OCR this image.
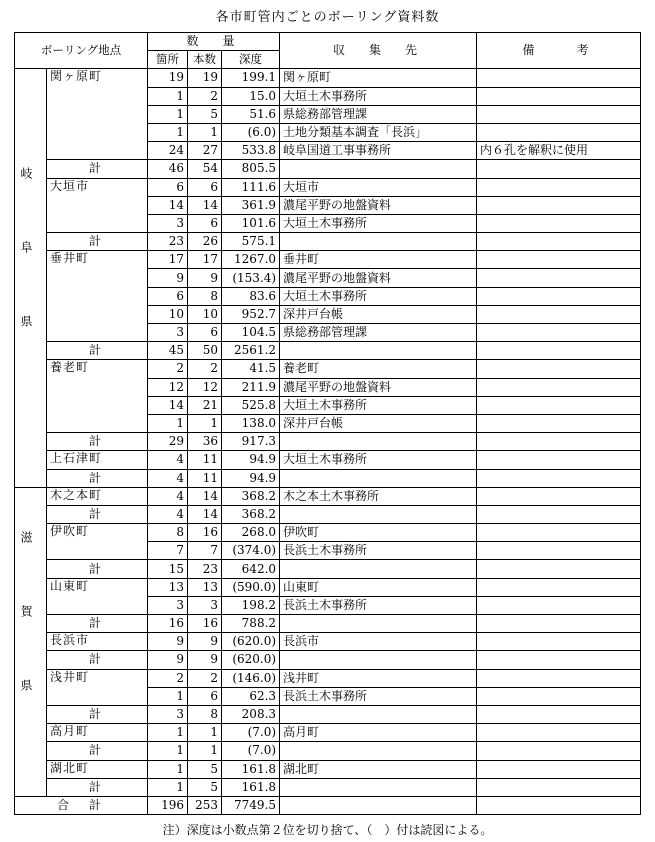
各市町管内ごとのボーリング資料数
ボーリング地点		数　量			収　集　先	備　　考
		箇所	本数	深度		

岐阜県	関ヶ原町	19	19	199.1	関ヶ原町	
		1	2	15.0	大垣土木事務所	
		1	5	51.6	県総務部管理課	
		1	1	(6.0)	土地分類基本調査「長浜」	
		24	27	533.8	岐阜国道工事事務所	内６孔を解釈に使用
	計	46	54	805.5		
	大垣市	6	6	111.6	大垣市	
		14	14	361.9	濃尾平野の地盤資料	
		3	6	101.6	大垣土木事務所	
	計	23	26	575.1		
	垂井町	17	17	1267.0	垂井町	
		9	9	(153.4)	濃尾平野の地盤資料	
		6	8	83.6	大垣土木事務所	
		10	10	952.7	深井戸台帳	
		3	6	104.5	県総務部管理課	
	計	45	50	2561.2		
	養老町	2	2	41.5	養老町	
		12	12	211.9	濃尾平野の地盤資料	
		14	21	525.8	大垣土木事務所	
		1	1	138.0	深井戸台帳	
	計	29	36	917.3		
	上石津町	4	11	94.9	大垣土木事務所	
	計	4	11	94.9		

滋賀県	木之本町	4	14	368.2	木之本土木事務所	
	計	4	14	368.2		
	伊吹町	8	16	268.0	伊吹町	
		7	7	(374.0)	長浜土木事務所	
	計	15	23	642.0		
	山東町	13	13	(590.0)	山東町	
		3	3	198.2	長浜土木事務所	
	計	16	16	788.2		
	長浜市	9	9	(620.0)	長浜市	
	計	9	9	(620.0)		
	浅井町	2	2	(146.0)	浅井町	
		1	6	62.3	長浜土木事務所	
	計	3	8	208.3		
	高月町	1	1	(7.0)	高月町	
	計	1	1	(7.0)		
	湖北町	1	5	161.8	湖北町	
	計	1	5	161.8		
合　計		196	253	7749.5		
注）深度は小数点第２位を切り捨て、（　）付は読図による。
